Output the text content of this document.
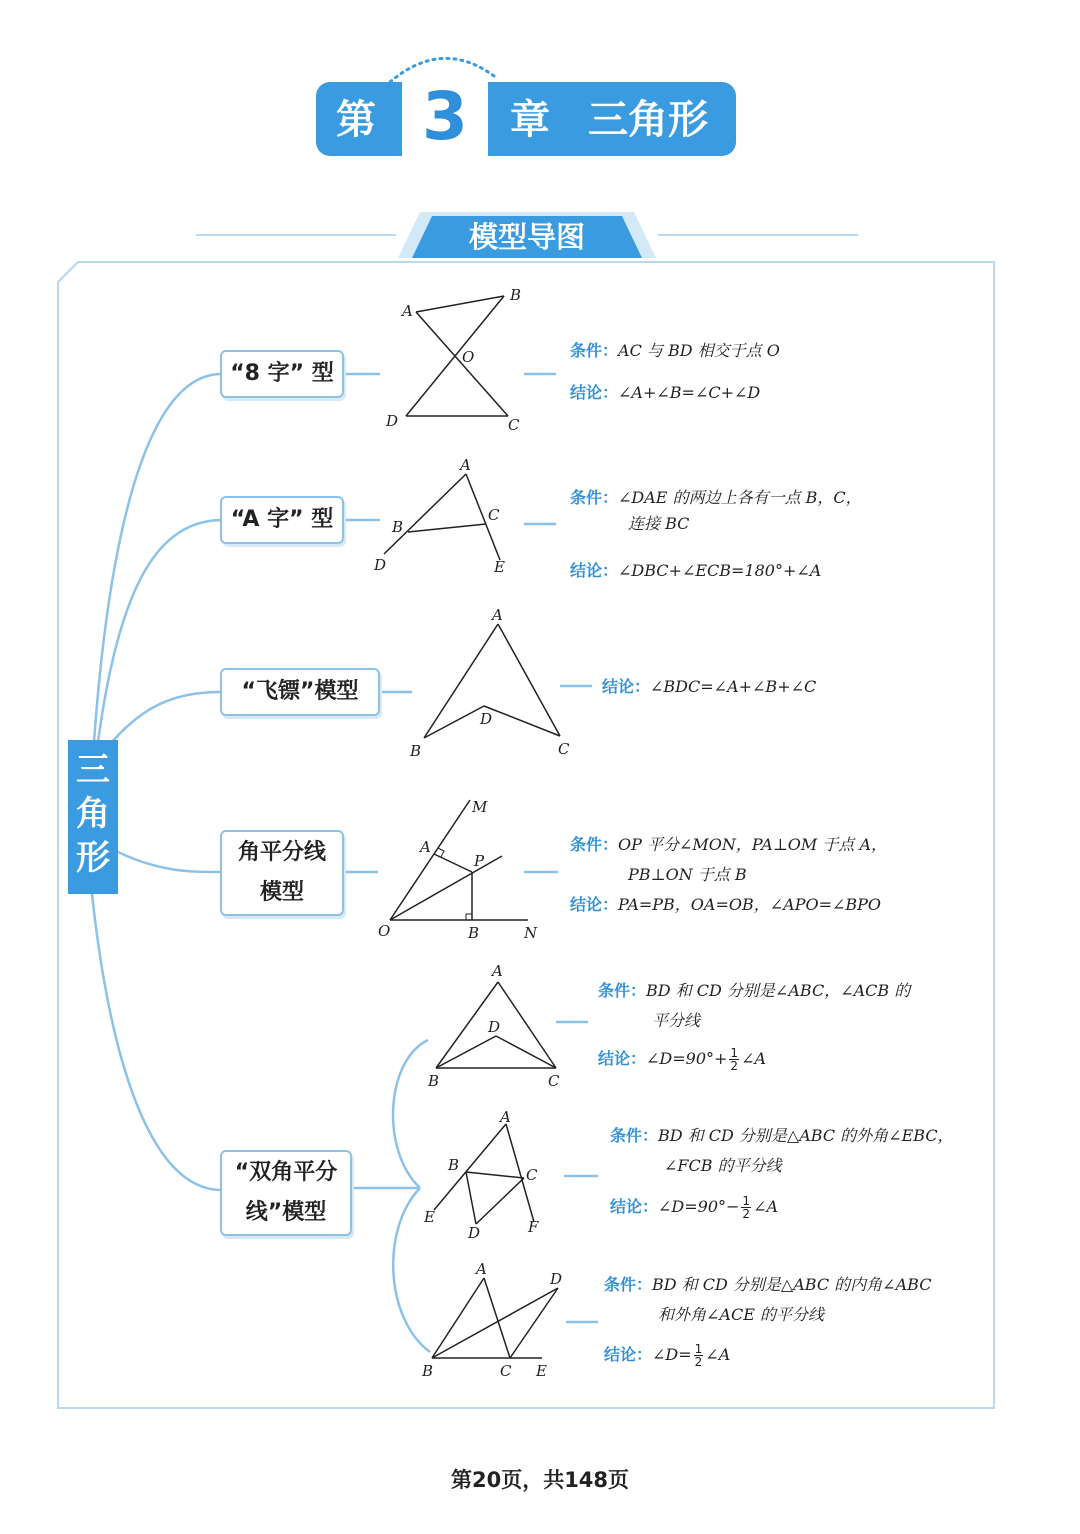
第 3 章 三角形
模型导图
三
角
形
“8 字” 型
“A 字” 型
“飞镖”模型
角平分线
模型
“双角平分
线”模型
A
B
O
D	C
条件：AC 与 BD 相交于点 O
结论：∠A+∠B=∠C+∠D
A
B
C
D	E
条件：∠DAE 的两边上各有一点 B，C，
连接 BC
结论：∠DBC+∠ECB=180°+∠A
A
D
B	C
结论：∠BDC=∠A+∠B+∠C
M
A
P
O	B	N
条件：OP 平分∠MON，PA⊥OM 于点 A，
PB⊥ON 于点 B
结论：PA=PB，OA=OB，∠APO=∠BPO
A
D
B	C
条件：BD 和 CD 分别是∠ABC，∠ACB 的
平分线
结论：∠D=90°+ $\frac{1}{2}$ ∠A
A
B
C
E
D	F
条件：BD 和 CD 分别是△ABC 的外角∠EBC，
∠FCB 的平分线
结论：∠D=90°− $\frac{1}{2}$ ∠A
A
D
B	C E
条件：BD 和 CD 分别是△ABC 的内角∠ABC
和外角∠ACE 的平分线
结论：∠D= $\frac{1}{2}$ ∠A
第20页，共148页
